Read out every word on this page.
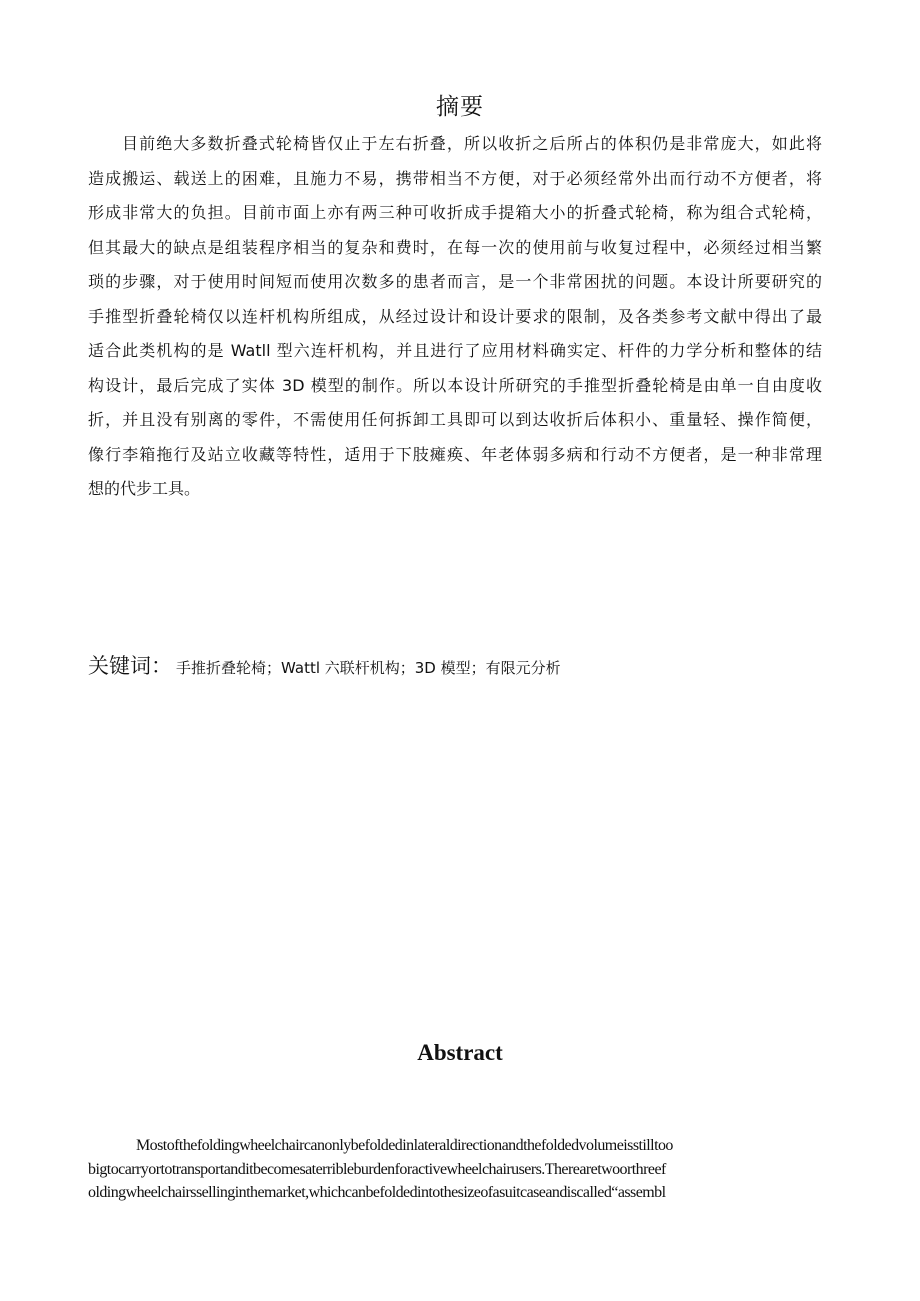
摘要
目前绝大多数折叠式轮椅皆仅止于左右折叠，所以收折之后所占的体积仍是非常庞大，如此将
造成搬运、载送上的困难，且施力不易，携带相当不方便，对于必须经常外出而行动不方便者，将
形成非常大的负担。目前市面上亦有两三种可收折成手提箱大小的折叠式轮椅，称为组合式轮椅，
但其最大的缺点是组装程序相当的复杂和费时，在每一次的使用前与收复过程中，必须经过相当繁
琐的步骤，对于使用时间短而使用次数多的患者而言，是一个非常困扰的问题。本设计所要研究的
手推型折叠轮椅仅以连杆机构所组成，从经过设计和设计要求的限制，及各类参考文献中得出了最
适合此类机构的是 Watll 型六连杆机构，并且进行了应用材料确实定、杆件的力学分析和整体的结
构设计，最后完成了实体 3D 模型的制作。所以本设计所研究的手推型折叠轮椅是由单一自由度收
折，并且没有别离的零件，不需使用任何拆卸工具即可以到达收折后体积小、重量轻、操作简便，
像行李箱拖行及站立收藏等特性，适用于下肢瘫痪、年老体弱多病和行动不方便者，是一种非常理
想的代步工具。
关键词： 手推折叠轮椅；Wattl 六联杆机构；3D 模型；有限元分析
Abstract
Mostofthefoldingwheelchaircanonlybefoldedinlateraldirectionandthefoldedvolumeisstilltoo
bigtocarryortotransportanditbecomesaterribleburdenforactivewheelchairusers.Therearetwoorthreef
oldingwheelchairssellinginthemarket,whichcanbefoldedintothesizeofasuitcaseandiscalled“assembl
